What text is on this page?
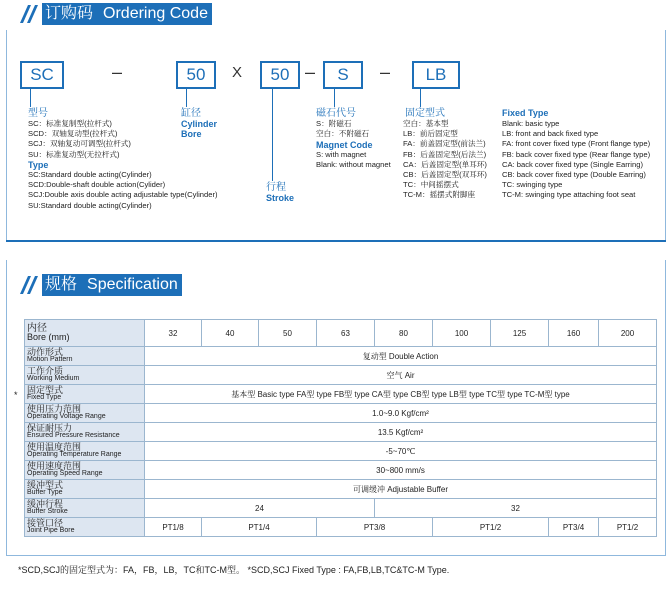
订购码 Ordering Code
SC	–	50	X	50 –	S	–	LB
型号
SC：标准复制型(拉杆式)
SCD：双轴复动型(拉杆式)
SCJ：双轴复动可调型(拉杆式)
SU：标准复动型(无拉杆式)
Type
SC:Standard double acting(Cylinder)
SCD:Double-shaft double action(Cylider)
SCJ:Double axis double acting adjustable type(Cylinder)
SU:Standard double acting(Cylinder)
缸径
Cylinder
Bore
行程
Stroke
磁石代号
S：附磁石
空白：不附磁石
Magnet Code
S: with magnet
Blank: without magnet
固定型式
空白：基本型
LB：前后固定型
FA：前盖固定型(前法兰)
FB：后盖固定型(后法兰)
CA：后盖固定型(单耳环)
CB：后盖固定型(双耳环)
TC：中间摇摆式
TC-M：摇摆式附脚座
Fixed Type
Blank: basic type
LB: front and back fixed type
FA: front cover fixed type (Front flange type)
FB: back cover fixed type (Rear flange type)
CA: back cover fixed type (Single Earring)
CB: back cover fixed type (Double Earring)
TC: swinging type
TC-M: swinging type attaching foot seat
规格 Specification
*
内径
Bore (mm)	32	40	50	63	80	100	125	160	200

动作形式
Motion Pattern	复动型 Double Action								

工作介质
Working Medium	空气 Air								

固定型式
Fixed Type	基本型 Basic type FA型 type FB型 type CA型 type CB型 type LB型 type TC型 type TC-M型 type								

使用压力范围
Operating Voltage Range	1.0~9.0 Kgf/cm²								

保证耐压力
Ensured Pressure Resistance	13.5 Kgf/cm²								

使用温度范围
Operating Temperature Range	-5~70℃								

使用速度范围
Operating Speed Range	30~800 mm/s								

缓冲型式
Buffer Type	可调缓冲 Adjustable Buffer								

缓冲行程
Buffer Stroke	24				32				

接管口径
Joint Pipe Bore	PT1/8	PT1/4		PT3/8		PT1/2		PT3/4	PT1/2
*SCD,SCJ的固定型式为：FA，FB，LB，TC和TC-M型。 *SCD,SCJ Fixed Type : FA,FB,LB,TC&TC-M Type.
